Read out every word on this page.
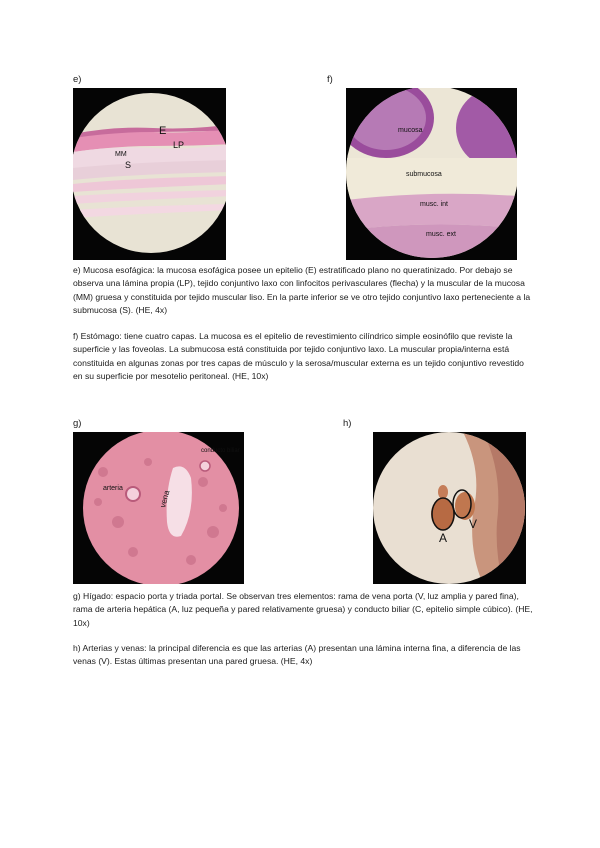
e)
E
LP
MM
S
f)
mucosa
submucosa
musc. int
musc. ext

e) Mucosa esofágica: la mucosa esofágica posee un epitelio (E) estratificado plano no queratinizado. Por debajo se observa una lámina propia (LP), tejido conjuntivo laxo con linfocitos perivasculares (flecha) y la muscular de la mucosa (MM) gruesa y constituida por tejido muscular liso. En la parte inferior se ve otro tejido conjuntivo laxo perteneciente a la submucosa (S). (HE, 4x)

f) Estómago: tiene cuatro capas. La mucosa es el epitelio de revestimiento cilíndrico simple eosinófilo que reviste la superficie y las foveolas. La submucosa está constituida por tejido conjuntivo laxo. La muscular propia/interna está constituida en algunas zonas por tres capas de músculo y la serosa/muscular externa es un tejido conjuntivo revestido en su superficie por mesotelio peritoneal. (HE, 10x)

g)
arteria
vena
conducto biliar
h)
A
V

g) Hígado: espacio porta y triada portal. Se observan tres elementos: rama de vena porta (V, luz amplia y pared fina), rama de arteria hepática (A, luz pequeña y pared relativamente gruesa) y conducto biliar (C, epitelio simple cúbico). (HE, 10x)

h) Arterias y venas: la principal diferencia es que las arterias (A) presentan una lámina interna fina, a diferencia de las venas (V). Estas últimas presentan una pared gruesa. (HE, 4x)
